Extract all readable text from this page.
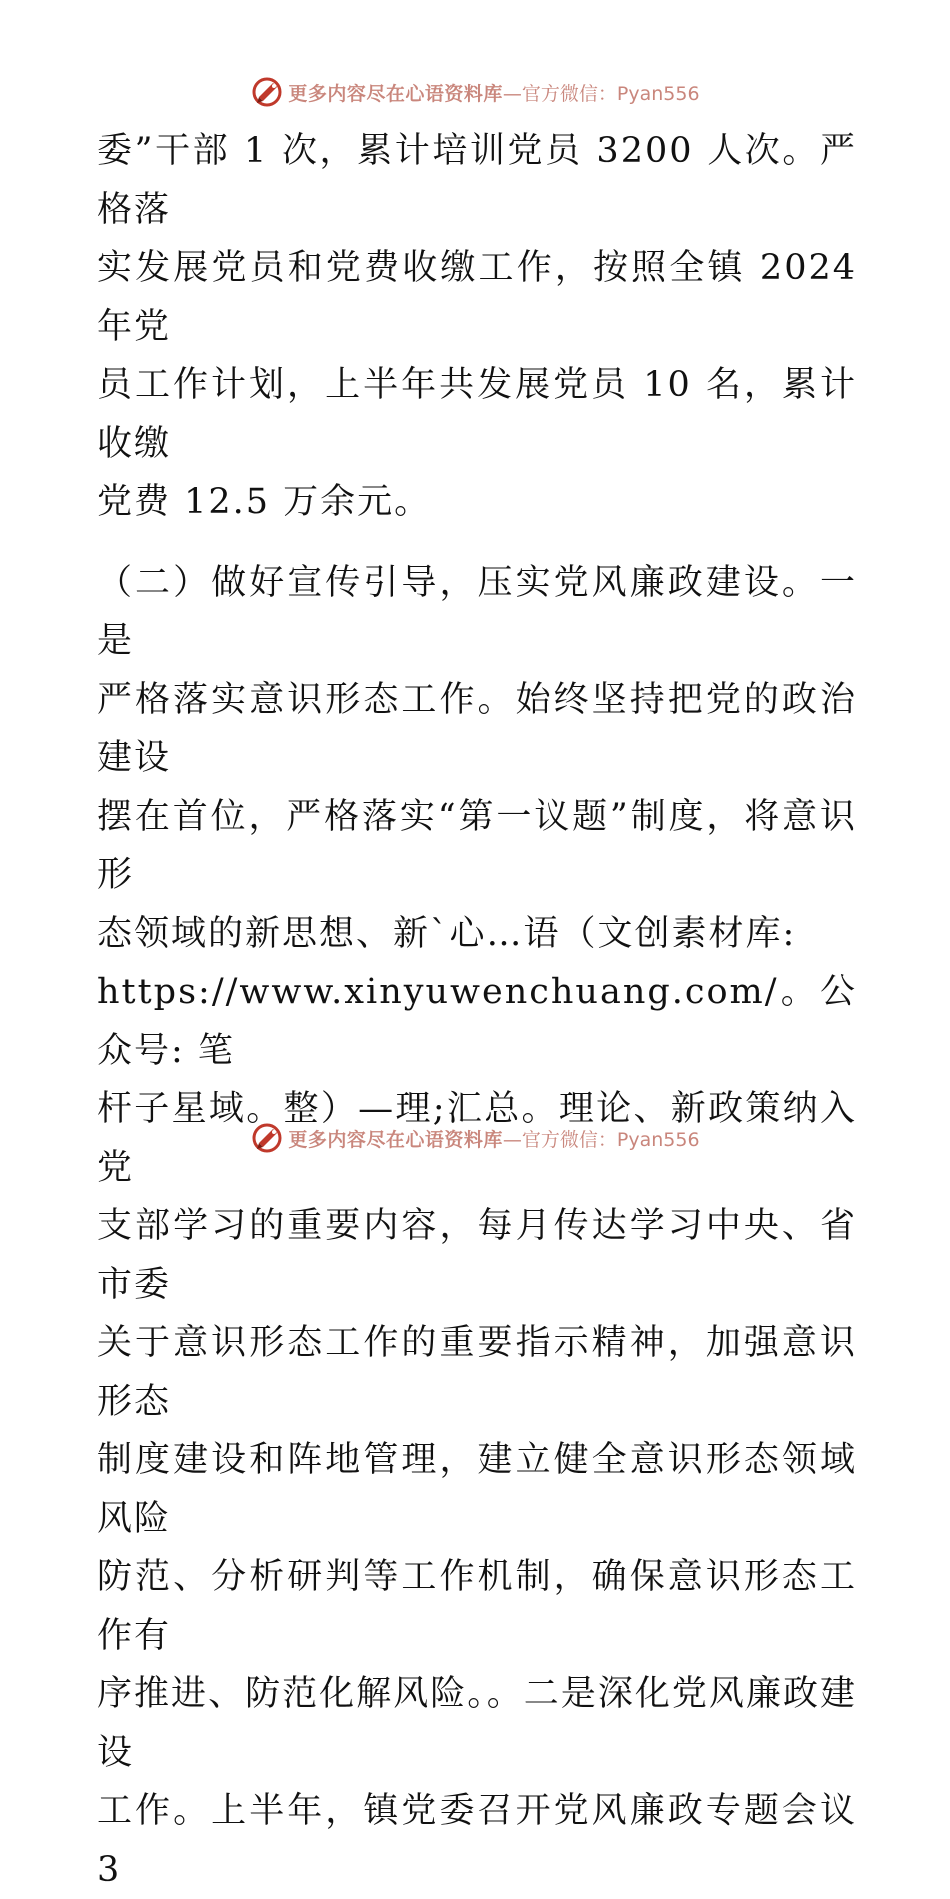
更多内容尽在心语资料库 —官方微信：Pyan556

委”干部 1 次，累计培训党员 3200 人次。严格落
实发展党员和党费收缴工作，按照全镇 2024 年党
员工作计划，上半年共发展党员 10 名，累计收缴
党费 12.5 万余元。

（二）做好宣传引导，压实党风廉政建设。一是
严格落实意识形态工作。始终坚持把党的政治建设
摆在首位，严格落实“第一议题”制度，将意识形
态领域的新思想、新`心…语（文创素材库:
https://www.xinyuwenchuang.com/。公众号: 笔
杆子星域。整）—理;汇总。理论、新政策纳入党
支部学习的重要内容，每月传达学习中央、省市委
关于意识形态工作的重要指示精神，加强意识形态
制度建设和阵地管理，建立健全意识形态领域风险
防范、分析研判等工作机制，确保意识形态工作有
序推进、防范化解风险。。二是深化党风廉政建设
工作。上半年，镇党委召开党风廉政专题会议 3

更多内容尽在心语资料库 —官方微信：Pyan556
